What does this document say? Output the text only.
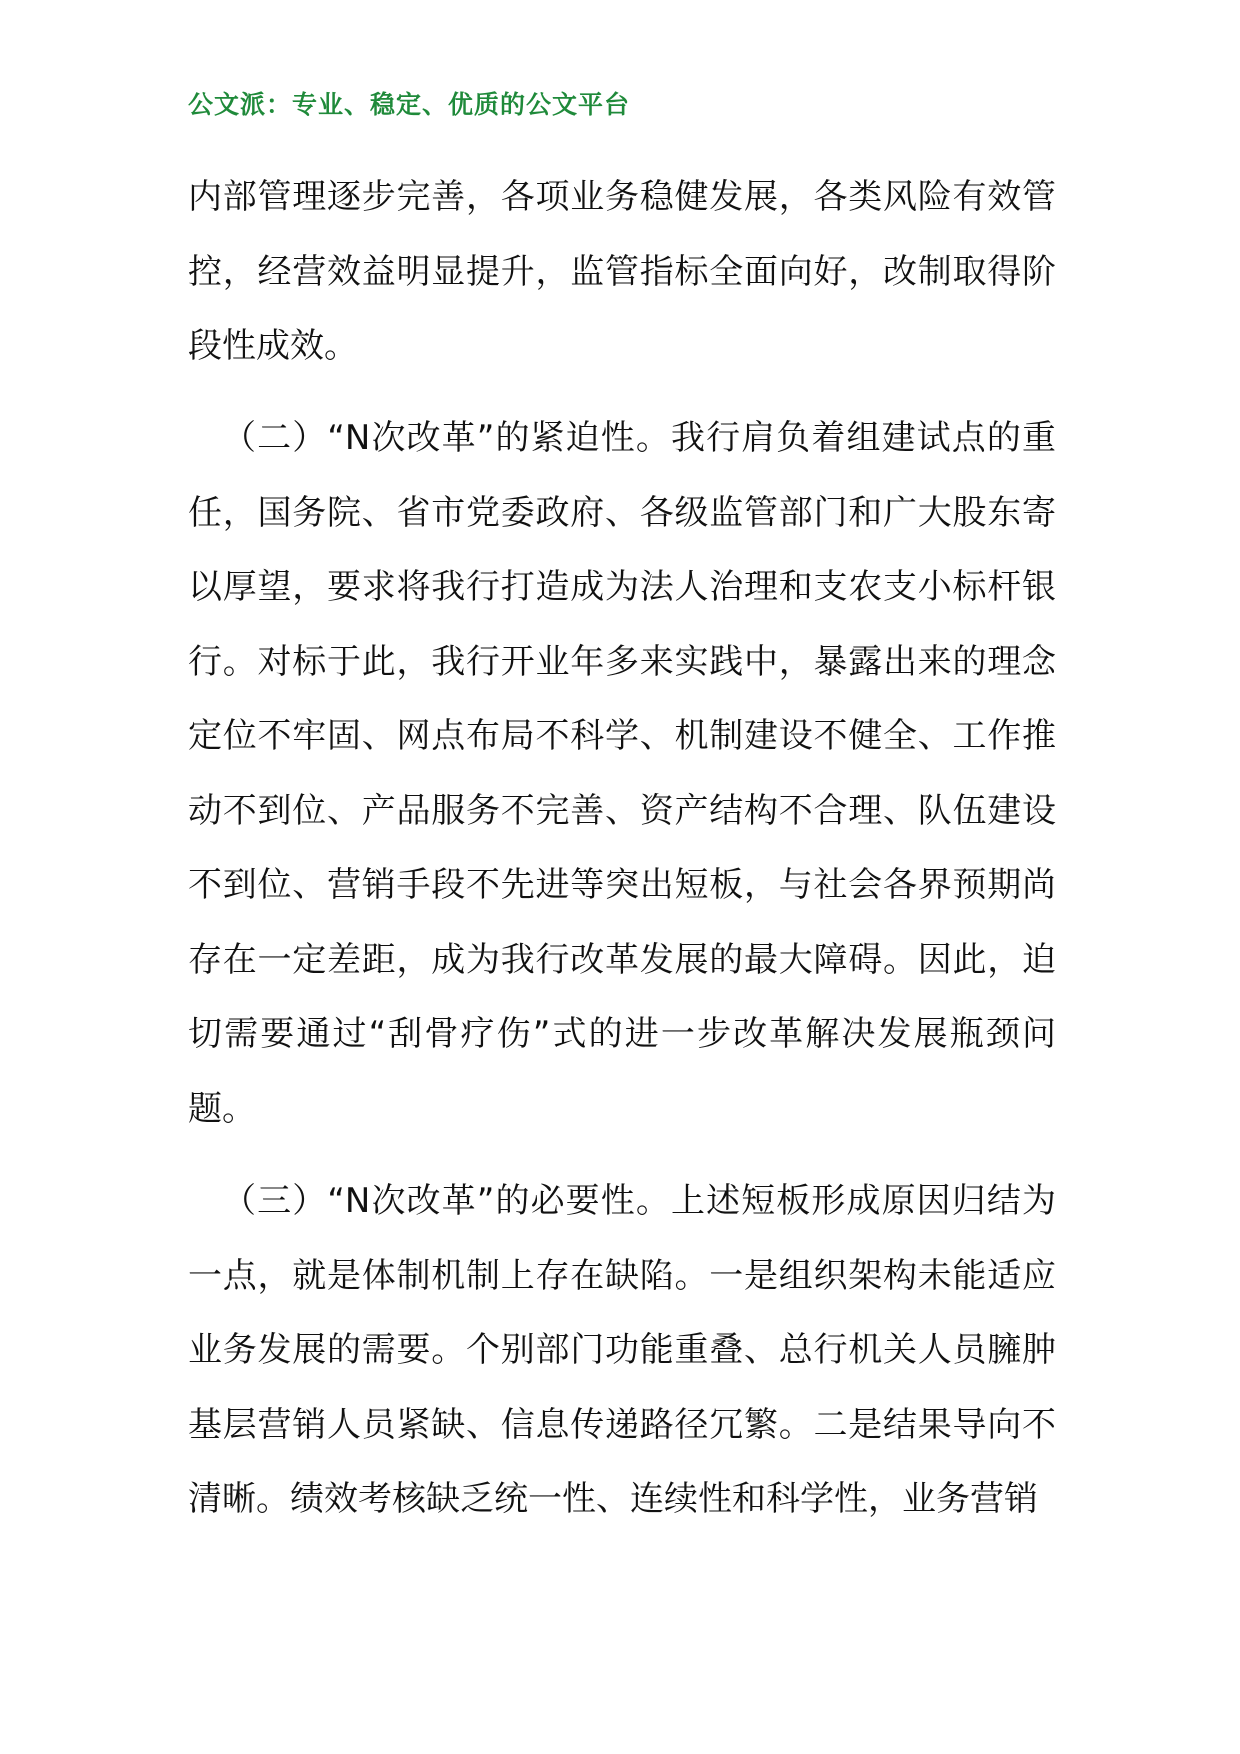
公文派：专业、稳定、优质的公文平台
内部管理逐步完善，各项业务稳健发展，各类风险有效管控，经营效益明显提升，监管指标全面向好，改制取得阶段性成效。
（二）“N次改革”的紧迫性。我行肩负着组建试点的重任，国务院、省市党委政府、各级监管部门和广大股东寄以厚望，要求将我行打造成为法人治理和支农支小标杆银行。对标于此，我行开业年多来实践中，暴露出来的理念定位不牢固、网点布局不科学、机制建设不健全、工作推动不到位、产品服务不完善、资产结构不合理、队伍建设不到位、营销手段不先进等突出短板，与社会各界预期尚存在一定差距，成为我行改革发展的最大障碍。因此，迫切需要通过“刮骨疗伤”式的进一步改革解决发展瓶颈问题。
（三）“N次改革”的必要性。上述短板形成原因归结为一点，就是体制机制上存在缺陷。一是组织架构未能适应业务发展的需要。个别部门功能重叠、总行机关人员臃肿基层营销人员紧缺、信息传递路径冗繁。二是结果导向不清晰。绩效考核缺乏统一性、连续性和科学性，业务营销
